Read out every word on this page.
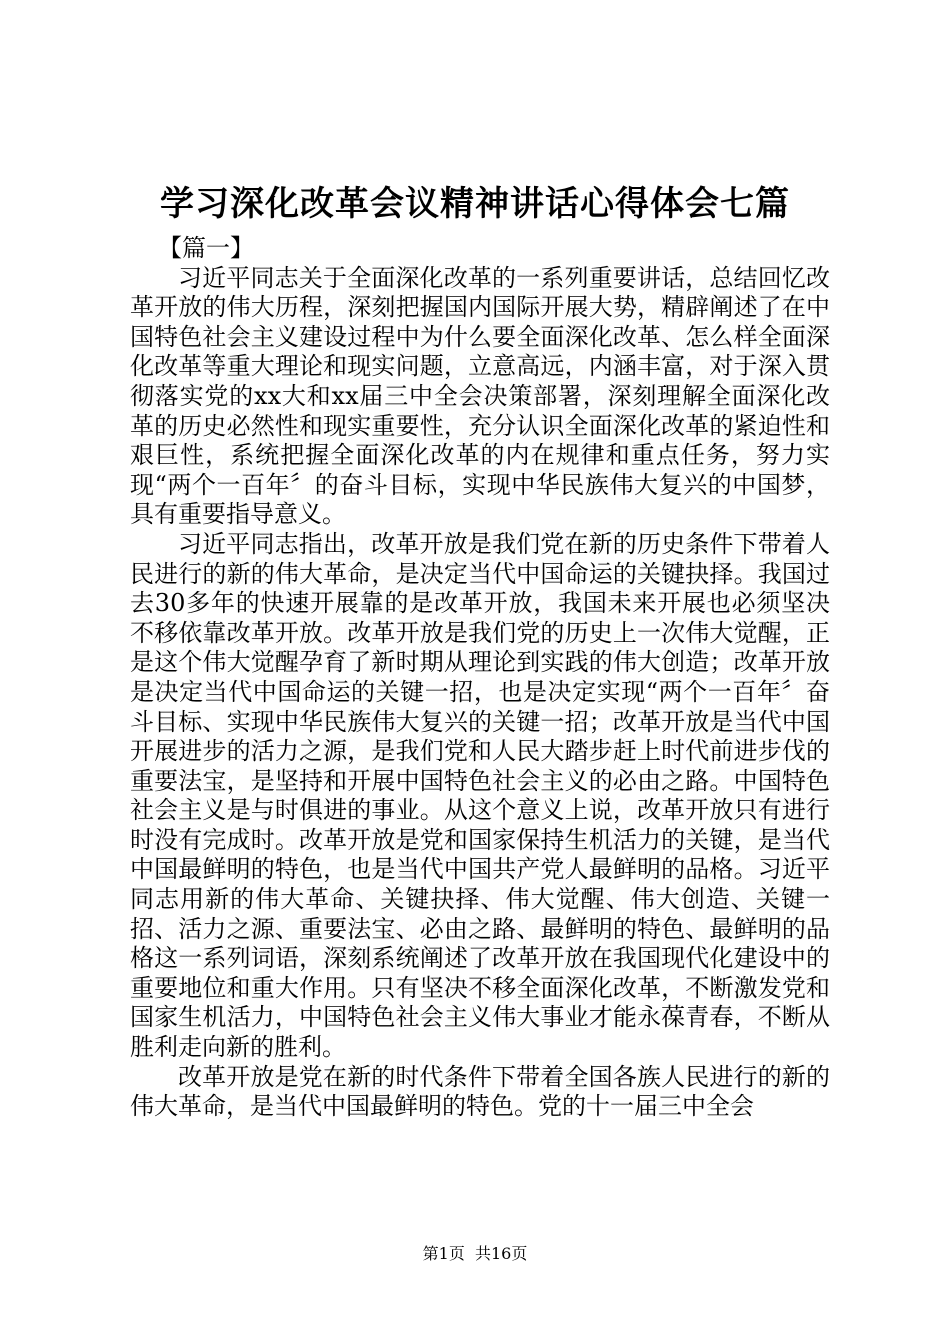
学习深化改革会议精神讲话心得体会七篇

【篇一】

习近平同志关于全面深化改革的一系列重要讲话，总结回忆改革开放的伟大历程，深刻把握国内国际开展大势，精辟阐述了在中国特色社会主义建设过程中为什么要全面深化改革、怎么样全面深化改革等重大理论和现实问题，立意高远，内涵丰富，对于深入贯彻落实党的xx大和xx届三中全会决策部署，深刻理解全面深化改革的历史必然性和现实重要性，充分认识全面深化改革的紧迫性和艰巨性，系统把握全面深化改革的内在规律和重点任务，努力实现“两个一百年〞的奋斗目标，实现中华民族伟大复兴的中国梦，具有重要指导意义。

习近平同志指出，改革开放是我们党在新的历史条件下带着人民进行的新的伟大革命，是决定当代中国命运的关键抉择。我国过去30多年的快速开展靠的是改革开放，我国未来开展也必须坚决不移依靠改革开放。改革开放是我们党的历史上一次伟大觉醒，正是这个伟大觉醒孕育了新时期从理论到实践的伟大创造；改革开放是决定当代中国命运的关键一招，也是决定实现“两个一百年〞奋斗目标、实现中华民族伟大复兴的关键一招；改革开放是当代中国开展进步的活力之源，是我们党和人民大踏步赶上时代前进步伐的重要法宝，是坚持和开展中国特色社会主义的必由之路。中国特色社会主义是与时俱进的事业。从这个意义上说，改革开放只有进行时没有完成时。改革开放是党和国家保持生机活力的关键，是当代中国最鲜明的特色，也是当代中国共产党人最鲜明的品格。习近平同志用新的伟大革命、关键抉择、伟大觉醒、伟大创造、关键一招、活力之源、重要法宝、必由之路、最鲜明的特色、最鲜明的品格这一系列词语，深刻系统阐述了改革开放在我国现代化建设中的重要地位和重大作用。只有坚决不移全面深化改革，不断激发党和国家生机活力，中国特色社会主义伟大事业才能永葆青春，不断从胜利走向新的胜利。

改革开放是党在新的时代条件下带着全国各族人民进行的新的伟大革命，是当代中国最鲜明的特色。党的十一届三中全会

第1页  共16页
